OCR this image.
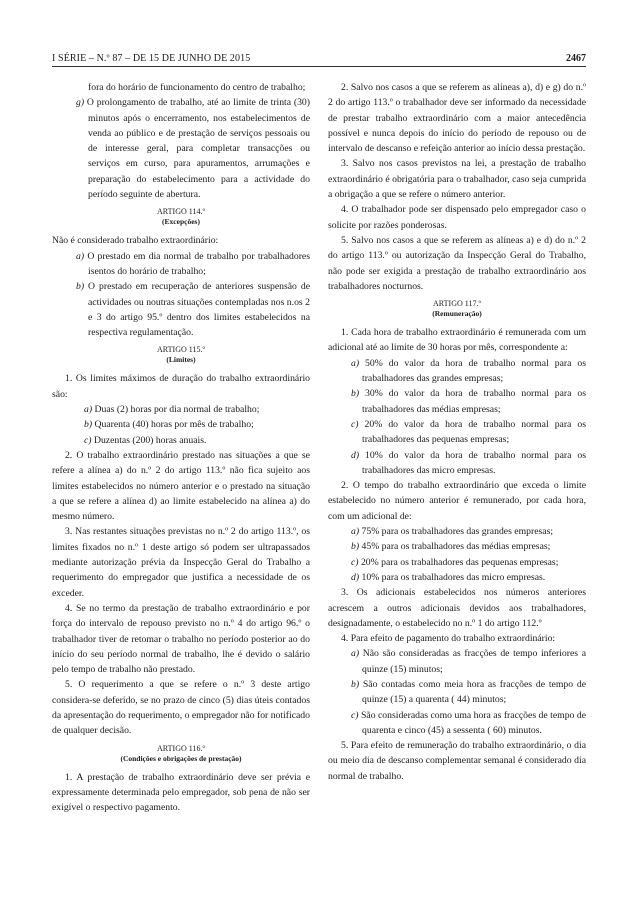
I SÉRIE – N.º 87 – DE 15 DE JUNHO DE 2015	2467

fora do horário de funcionamento do centro de trabalho;

g) O prolongamento de trabalho, até ao limite de trinta (30) minutos após o encerramento, nos estabelecimentos de venda ao público e de prestação de serviços pessoais ou de interesse geral, para completar transacções ou serviços em curso, para apuramentos, arrumações e preparação do estabelecimento para a actividade do período seguinte de abertura.

ARTIGO 114.º
(Excepções)

Não é considerado trabalho extraordinário:

a) O prestado em dia normal de trabalho por trabalhadores isentos do horário de trabalho;

b) O prestado em recuperação de anteriores suspensão de actividades ou noutras situações contempladas nos n.os 2 e 3 do artigo 95.º dentro dos limites estabelecidos na respectiva regulamentação.

ARTIGO 115.º
(Limites)

1. Os limites máximos de duração do trabalho extraordinário são:

a) Duas (2) horas por dia normal de trabalho;

b) Quarenta (40) horas por mês de trabalho;

c) Duzentas (200) horas anuais.

2. O trabalho extraordinário prestado nas situações a que se refere a alínea a) do n.º 2 do artigo 113.º não fica sujeito aos limites estabelecidos no número anterior e o prestado na situação a que se refere a alínea d) ao limite estabelecido na alínea a) do mesmo número.

3. Nas restantes situações previstas no n.º 2 do artigo 113.º, os limites fixados no n.º 1 deste artigo só podem ser ultrapassados mediante autorização prévia da Inspecção Geral do Trabalho a requerimento do empregador que justifica a necessidade de os exceder.

4. Se no termo da prestação de trabalho extraordinário e por força do intervalo de repouso previsto no n.º 4 do artigo 96.º o trabalhador tiver de retomar o trabalho no período posterior ao do início do seu período normal de trabalho, lhe é devido o salário pelo tempo de trabalho não prestado.

5. O requerimento a que se refere o n.º 3 deste artigo considera-se deferido, se no prazo de cinco (5) dias úteis contados da apresentação do requerimento, o empregador não for notificado de qualquer decisão.

ARTIGO 116.º
(Condições e obrigações de prestação)

1. A prestação de trabalho extraordinário deve ser prévia e expressamente determinada pelo empregador, sob pena de não ser exigível o respectivo pagamento.

2. Salvo nos casos a que se referem as alíneas a), d) e g) do n.º 2 do artigo 113.º o trabalhador deve ser informado da necessidade de prestar trabalho extraordinário com a maior antecedência possível e nunca depois do início do período de repouso ou de intervalo de descanso e refeição anterior ao início dessa prestação.

3. Salvo nos casos previstos na lei, a prestação de trabalho extraordinário é obrigatória para o trabalhador, caso seja cumprida a obrigação a que se refere o número anterior.

4. O trabalhador pode ser dispensado pelo empregador caso o solicite por razões ponderosas.

5. Salvo nos casos a que se referem as alíneas a) e d) do n.º 2 do artigo 113.º ou autorização da Inspecção Geral do Trabalho, não pode ser exigida a prestação de trabalho extraordinário aos trabalhadores nocturnos.

ARTIGO 117.º
(Remuneração)

1. Cada hora de trabalho extraordinário é remunerada com um adicional até ao limite de 30 horas por mês, correspondente a:

a) 50% do valor da hora de trabalho normal para os trabalhadores das grandes empresas;

b) 30% do valor da hora de trabalho normal para os trabalhadores das médias empresas;

c) 20% do valor da hora de trabalho normal para os trabalhadores das pequenas empresas;

d) 10% do valor da hora de trabalho normal para os trabalhadores das micro empresas.

2. O tempo do trabalho extraordinário que exceda o limite estabelecido no número anterior é remunerado, por cada hora, com um adicional de:

a) 75% para os trabalhadores das grandes empresas;

b) 45% para os trabalhadores das médias empresas;

c) 20% para os trabalhadores das pequenas empresas;

d) 10% para os trabalhadores das micro empresas.

3. Os adicionais estabelecidos nos números anteriores acrescem a outros adicionais devidos aos trabalhadores, designadamente, o estabelecido no n.º 1 do artigo 112.º

4. Para efeito de pagamento do trabalho extraordinário:

a) Não são consideradas as fracções de tempo inferiores a quinze (15) minutos;

b) São contadas como meia hora as fracções de tempo de quinze (15) a quarenta ( 44) minutos;

c) São consideradas como uma hora as fracções de tempo de quarenta e cinco (45) a sessenta ( 60) minutos.

5. Para efeito de remuneração do trabalho extraordinário, o dia ou meio dia de descanso complementar semanal é considerado dia normal de trabalho.
